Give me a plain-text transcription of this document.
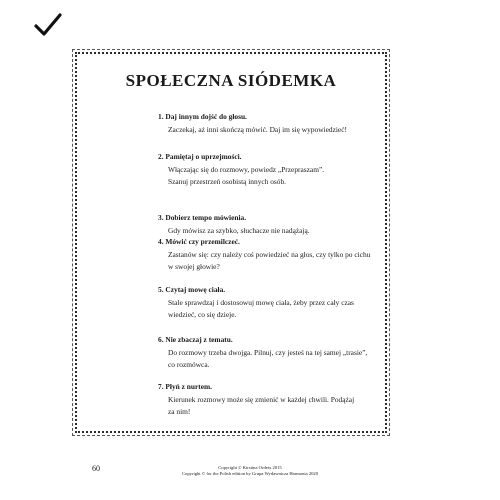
SPOŁECZNA SIÓDEMKA
1. Daj innym dojść do głosu.
Zaczekaj, aż inni skończą mówić. Daj im się wypowiedzieć!
2. Pamiętaj o uprzejmości.
Włączając się do rozmowy, powiedz „Przepraszam”.
Szanuj przestrzeń osobistą innych osób.
3. Dobierz tempo mówienia.
Gdy mówisz za szybko, słuchacze nie nadążają.
4. Mówić czy przemilczeć.
Zastanów się: czy należy coś powiedzieć na głos, czy tylko po cichu
w swojej głowie?
5. Czytaj mowę ciała.
Stale sprawdzaj i dostosowuj mowę ciała, żeby przez cały czas
wiedzieć, co się dzieje.
6. Nie zbaczaj z tematu.
Do rozmowy trzeba dwojga. Pilnuj, czy jesteś na tej samej „trasie”,
co rozmówca.
7. Płyń z nurtem.
Kierunek rozmowy może się zmienić w każdej chwili. Podążaj
za nim!
60	Copyright © Kirstina Ordetx 2015
Copyright © for the Polish edition by Grupa Wydawnicza Harmonia 2020
